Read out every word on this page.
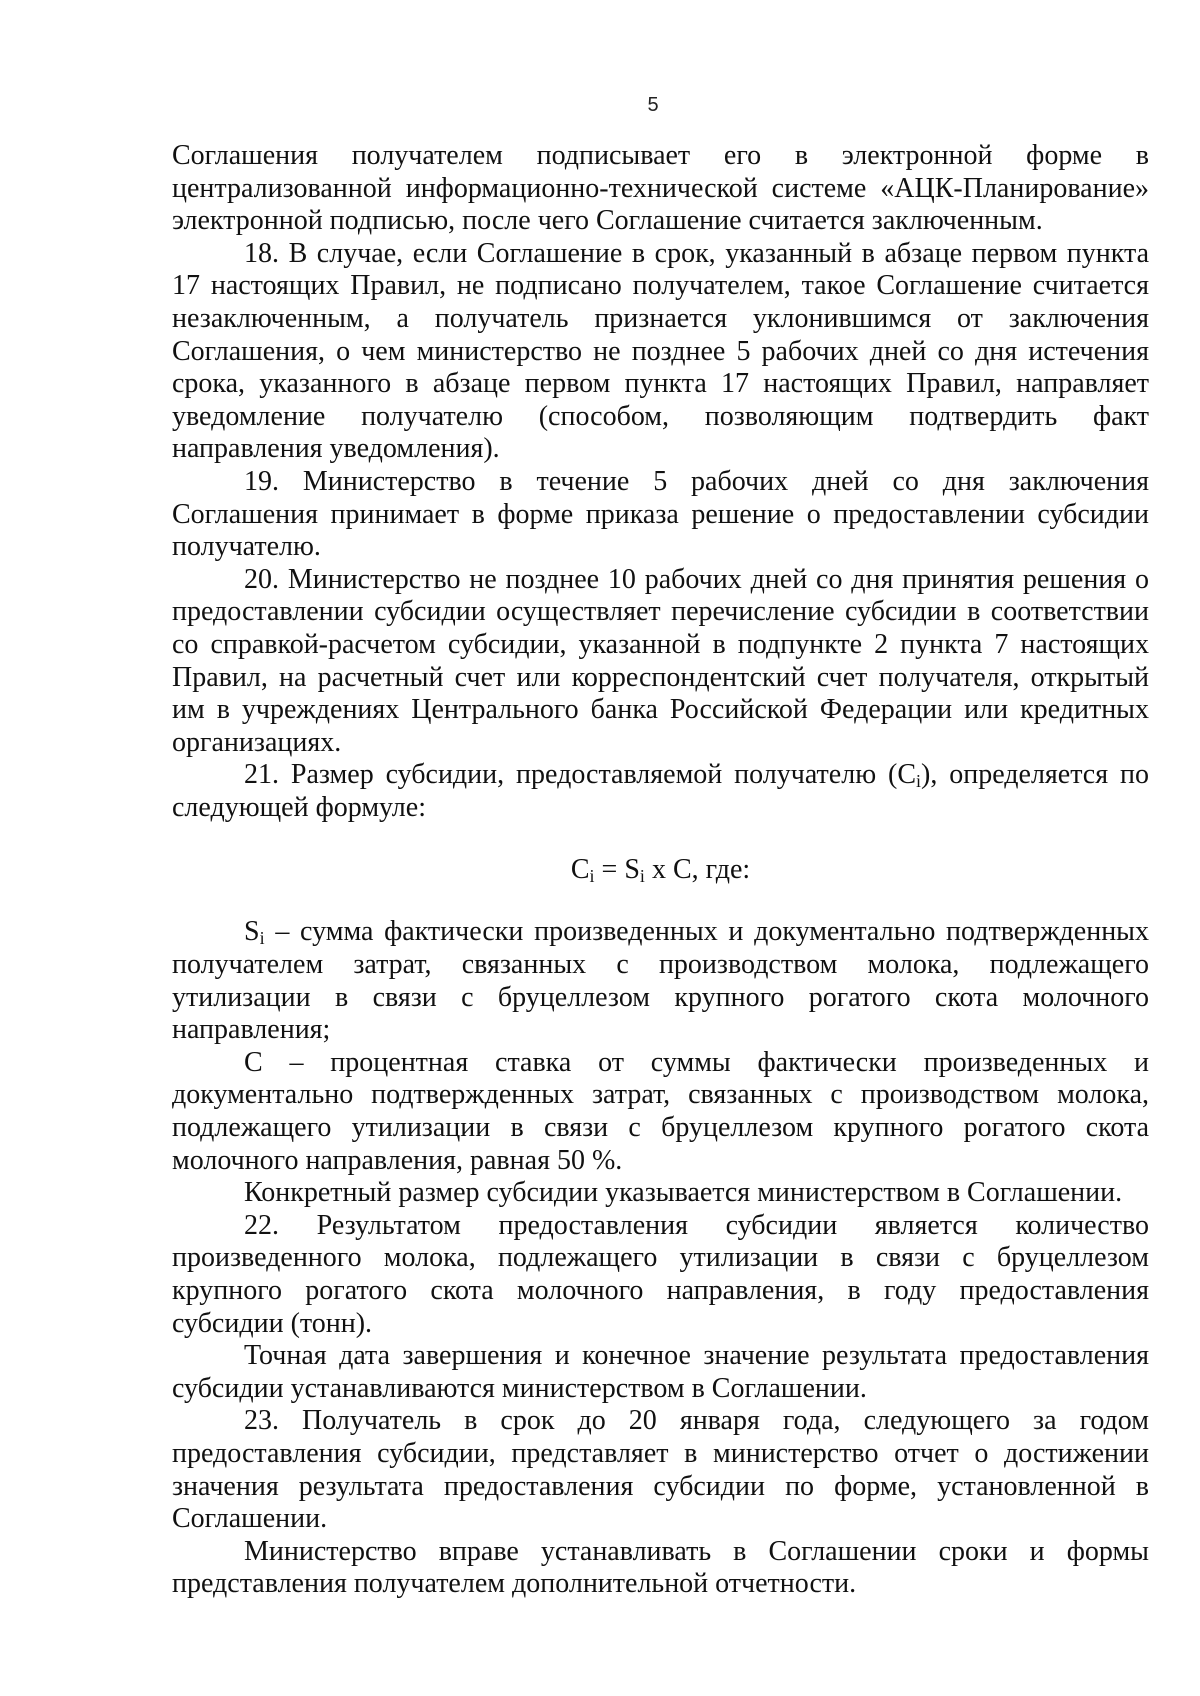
5

Соглашения получателем подписывает его в электронной форме в централизованной информационно-технической системе «АЦК-Планирование» электронной подписью, после чего Соглашение считается заключенным.

18. В случае, если Соглашение в срок, указанный в абзаце первом пункта 17 настоящих Правил, не подписано получателем, такое Соглашение считается незаключенным, а получатель признается уклонившимся от заключения Соглашения, о чем министерство не позднее 5 рабочих дней со дня истечения срока, указанного в абзаце первом пункта 17 настоящих Правил, направляет уведомление получателю (способом, позволяющим подтвердить факт направления уведомления).

19. Министерство в течение 5 рабочих дней со дня заключения Соглашения принимает в форме приказа решение о предоставлении субсидии получателю.

20. Министерство не позднее 10 рабочих дней со дня принятия решения о предоставлении субсидии осуществляет перечисление субсидии в соответствии со справкой-расчетом субсидии, указанной в подпункте 2 пункта 7 настоящих Правил, на расчетный счет или корреспондентский счет получателя, открытый им в учреждениях Центрального банка Российской Федерации или кредитных организациях.

21. Размер субсидии, предоставляемой получателю $(C_i)$, определяется по следующей формуле:

$C_i = S_i$ x C, где:

$S_i$ – сумма фактически произведенных и документально подтвержденных получателем затрат, связанных с производством молока, подлежащего утилизации в связи с бруцеллезом крупного рогатого скота молочного направления;

C – процентная ставка от суммы фактически произведенных и документально подтвержденных затрат, связанных с производством молока, подлежащего утилизации в связи с бруцеллезом крупного рогатого скота молочного направления, равная 50 %.

Конкретный размер субсидии указывается министерством в Соглашении.

22. Результатом предоставления субсидии является количество произведенного молока, подлежащего утилизации в связи с бруцеллезом крупного рогатого скота молочного направления, в году предоставления субсидии (тонн).

Точная дата завершения и конечное значение результата предоставления субсидии устанавливаются министерством в Соглашении.

23. Получатель в срок до 20 января года, следующего за годом предоставления субсидии, представляет в министерство отчет о достижении значения результата предоставления субсидии по форме, установленной в Соглашении.

Министерство вправе устанавливать в Соглашении сроки и формы представления получателем дополнительной отчетности.
